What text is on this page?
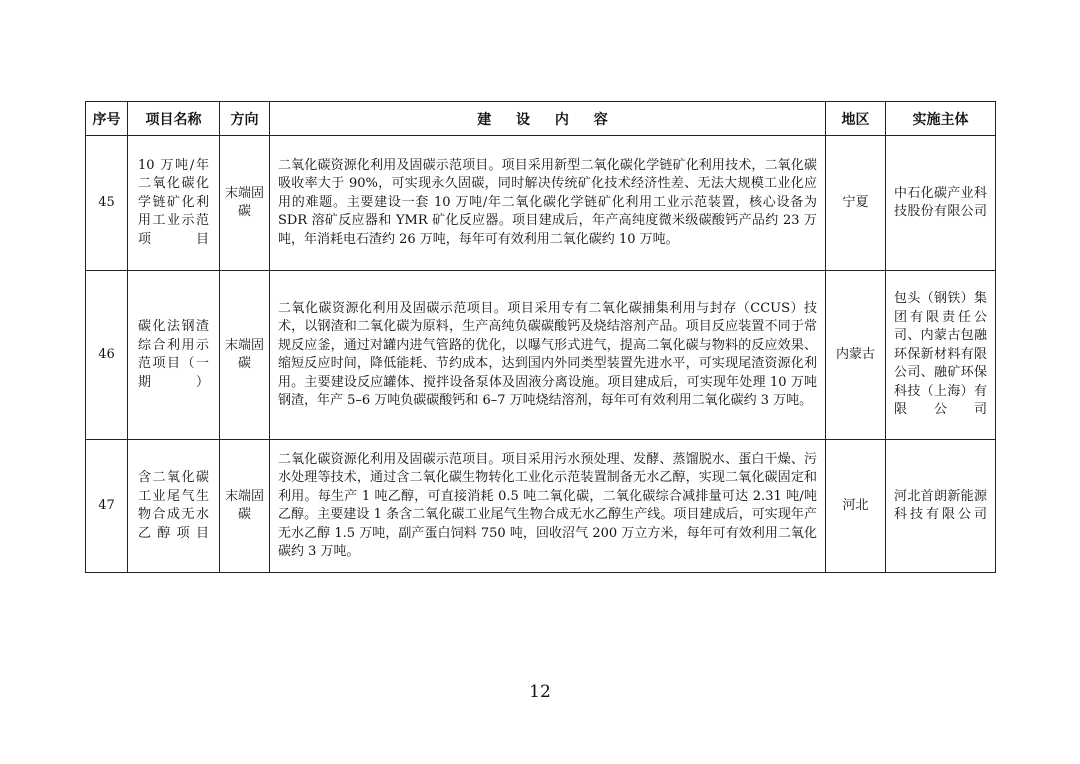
序号	项目名称	方向	建 设 内 容	地区	实施主体
45	10 万吨/年二氧化碳化学链矿化利用工业示范项目	末端固碳	二氧化碳资源化利用及固碳示范项目。项目采用新型二氧化碳化学链矿化利用技术，二氧化碳吸收率大于 90%，可实现永久固碳，同时解决传统矿化技术经济性差、无法大规模工业化应用的难题。主要建设一套 10 万吨/年二氧化碳化学链矿化利用工业示范装置，核心设备为 SDR 溶矿反应器和 YMR 矿化反应器。项目建成后，年产高纯度微米级碳酸钙产品约 23 万吨，年消耗电石渣约 26 万吨，每年可有效利用二氧化碳约 10 万吨。	宁夏	中石化碳产业科技股份有限公司
46	碳化法钢渣综合利用示范项目（一期）	末端固碳	二氧化碳资源化利用及固碳示范项目。项目采用专有二氧化碳捕集利用与封存（CCUS）技术，以钢渣和二氧化碳为原料，生产高纯负碳碳酸钙及烧结溶剂产品。项目反应装置不同于常规反应釜，通过对罐内进气管路的优化，以曝气形式进气，提高二氧化碳与物料的反应效果、缩短反应时间，降低能耗、节约成本，达到国内外同类型装置先进水平，可实现尾渣资源化利用。主要建设反应罐体、搅拌设备泵体及固液分离设施。项目建成后，可实现年处理 10 万吨钢渣，年产 5–6 万吨负碳碳酸钙和 6–7 万吨烧结溶剂，每年可有效利用二氧化碳约 3 万吨。	内蒙古	包头（钢铁）集团有限责任公司、内蒙古包融环保新材料有限公司、融矿环保科技（上海）有限公司
47	含二氧化碳工业尾气生物合成无水乙醇项目	末端固碳	二氧化碳资源化利用及固碳示范项目。项目采用污水预处理、发酵、蒸馏脱水、蛋白干燥、污水处理等技术，通过含二氧化碳生物转化工业化示范装置制备无水乙醇，实现二氧化碳固定和利用。每生产 1 吨乙醇，可直接消耗 0.5 吨二氧化碳，二氧化碳综合减排量可达 2.31 吨/吨乙醇。主要建设 1 条含二氧化碳工业尾气生物合成无水乙醇生产线。项目建成后，可实现年产无水乙醇 1.5 万吨，副产蛋白饲料 750 吨，回收沼气 200 万立方米，每年可有效利用二氧化碳约 3 万吨。	河北	河北首朗新能源科技有限公司
12
